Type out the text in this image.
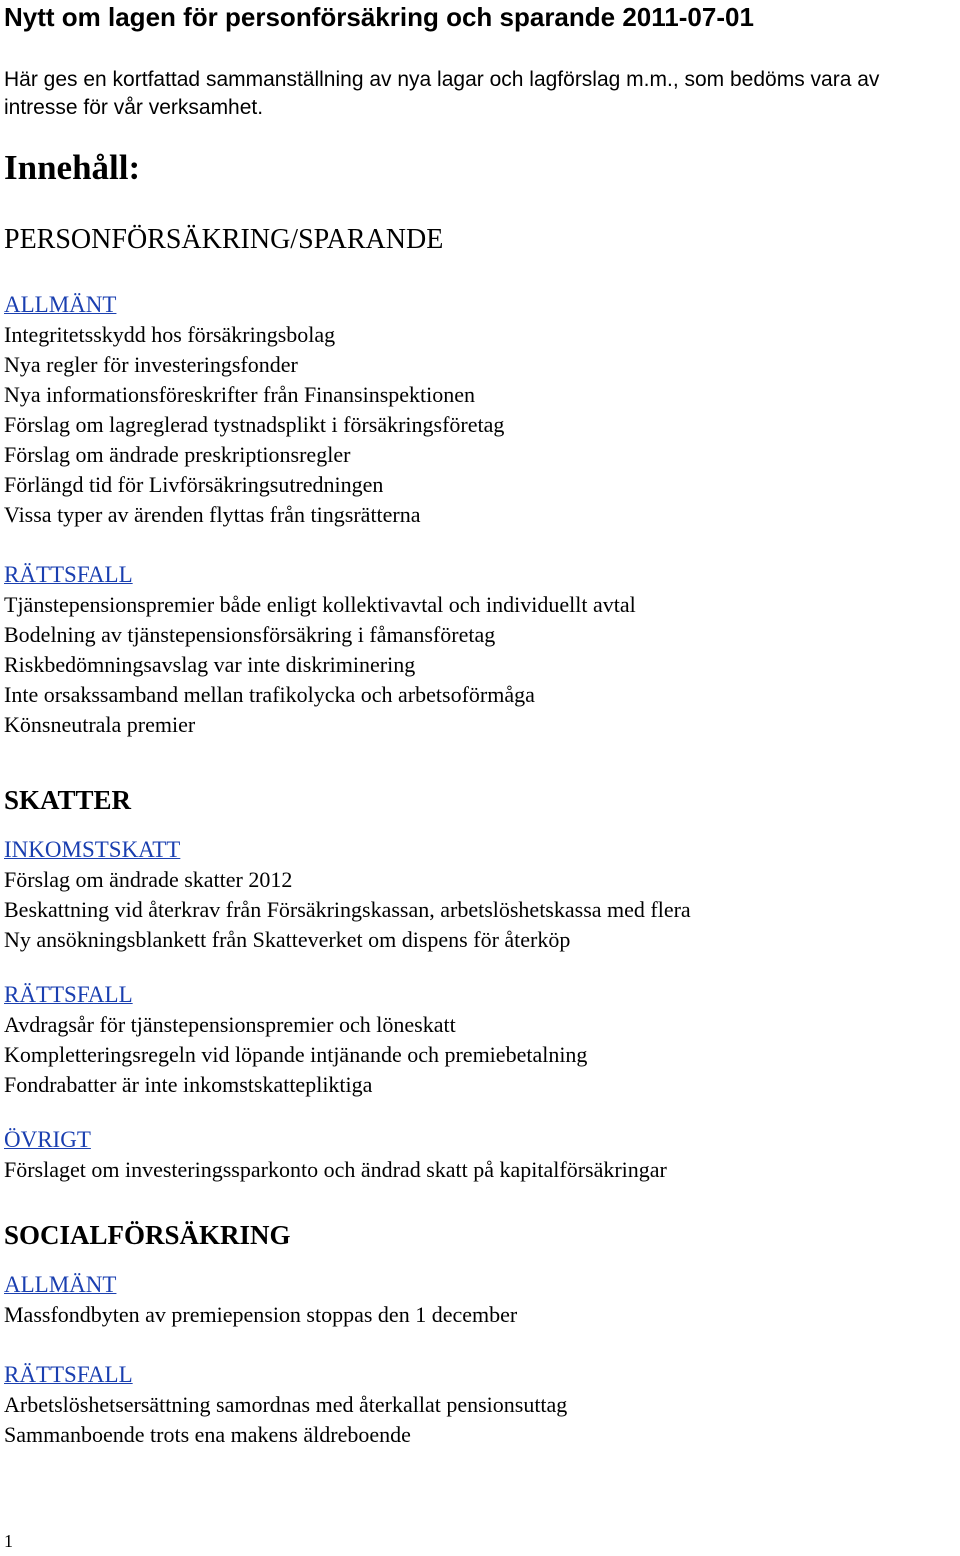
Nytt om lagen för personförsäkring och sparande 2011-07-01

Här ges en kortfattad sammanställning av nya lagar och lagförslag m.m., som bedöms vara av intresse för vår verksamhet.

Innehåll:
PERSONFÖRSÄKRING/SPARANDE
ALLMÄNT
Integritetsskydd hos försäkringsbolag
Nya regler för investeringsfonder
Nya informationsföreskrifter från Finansinspektionen
Förslag om lagreglerad tystnadsplikt i försäkringsföretag
Förslag om ändrade preskriptionsregler
Förlängd tid för Livförsäkringsutredningen
Vissa typer av ärenden flyttas från tingsrätterna
RÄTTSFALL
Tjänstepensionspremier både enligt kollektivavtal och individuellt avtal
Bodelning av tjänstepensionsförsäkring i fåmansföretag
Riskbedömningsavslag var inte diskriminering
Inte orsakssamband mellan trafikolycka och arbetsoförmåga
Könsneutrala premier
SKATTER
INKOMSTSKATT
Förslag om ändrade skatter 2012
Beskattning vid återkrav från Försäkringskassan, arbetslöshetskassa med flera
Ny ansökningsblankett från Skatteverket om dispens för återköp
RÄTTSFALL
Avdragsår för tjänstepensionspremier och löneskatt
Kompletteringsregeln vid löpande intjänande och premiebetalning
Fondrabatter är inte inkomstskattepliktiga
ÖVRIGT
Förslaget om investeringssparkonto och ändrad skatt på kapitalförsäkringar
SOCIALFÖRSÄKRING
ALLMÄNT
Massfondbyten av premiepension stoppas den 1 december
RÄTTSFALL
Arbetslöshetsersättning samordnas med återkallat pensionsuttag
Sammanboende trots ena makens äldreboende
1
